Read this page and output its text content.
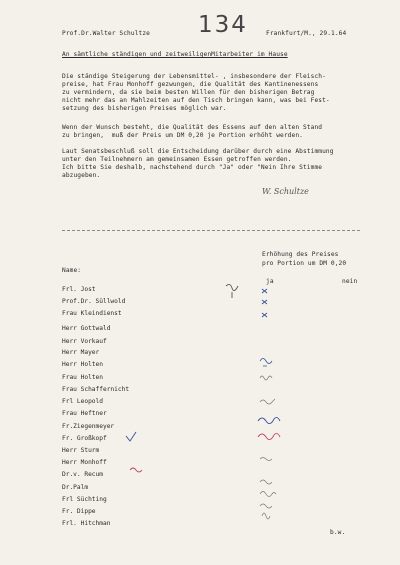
Prof.Dr.Walter Schultze 134	Frankfurt/M., 29.1.64
An sämtliche ständigen und zeitweiligenMitarbeiter im Hause
Die ständige Steigerung der Lebensmittel- , insbesondere der Fleisch-
preise, hat Frau Monhoff gezwungen, die Qualität des Kantinenessens
zu vermindern, da sie beim besten Willen für den bisherigen Betrag
nicht mehr das an Mahlzeiten auf den Tisch bringen kann, was bei Fest-
setzung des bisherigen Preises möglich war.
Wenn der Wunsch besteht, die Qualität des Essens auf den alten Stand
zu bringen,  muß der Preis um DM 0,20 je Portion erhöht werden.
Laut Senatsbeschluß soll die Entscheidung darüber durch eine Abstimmung
unter den Teilnehmern am gemeinsamen Essen getroffen werden.
Ich bitte Sie deshalb, nachstehend durch "Ja" oder "Nein Ihre Stimme
abzugeben.
W. Schultze
Erhöhung des Preises
pro Portion um DM 0,20
Name:
ja	nein
Frl. Jost
Prof.Dr. Süllwold
Frau Kleindienst
Herr Gottwald
Herr Vorkauf
Herr Mayer
Herr Holten
Frau Holten
Frau Schaffernicht
Frl Leopold
Frau Heftner
Fr.Ziegenmeyer
Fr. Großkopf
Herr Sturm
Herr Monhoff
Dr.v. Recum
Dr.Palm
Frl Süchting
Fr. Dippe
Frl. Hitchman
b.w.
